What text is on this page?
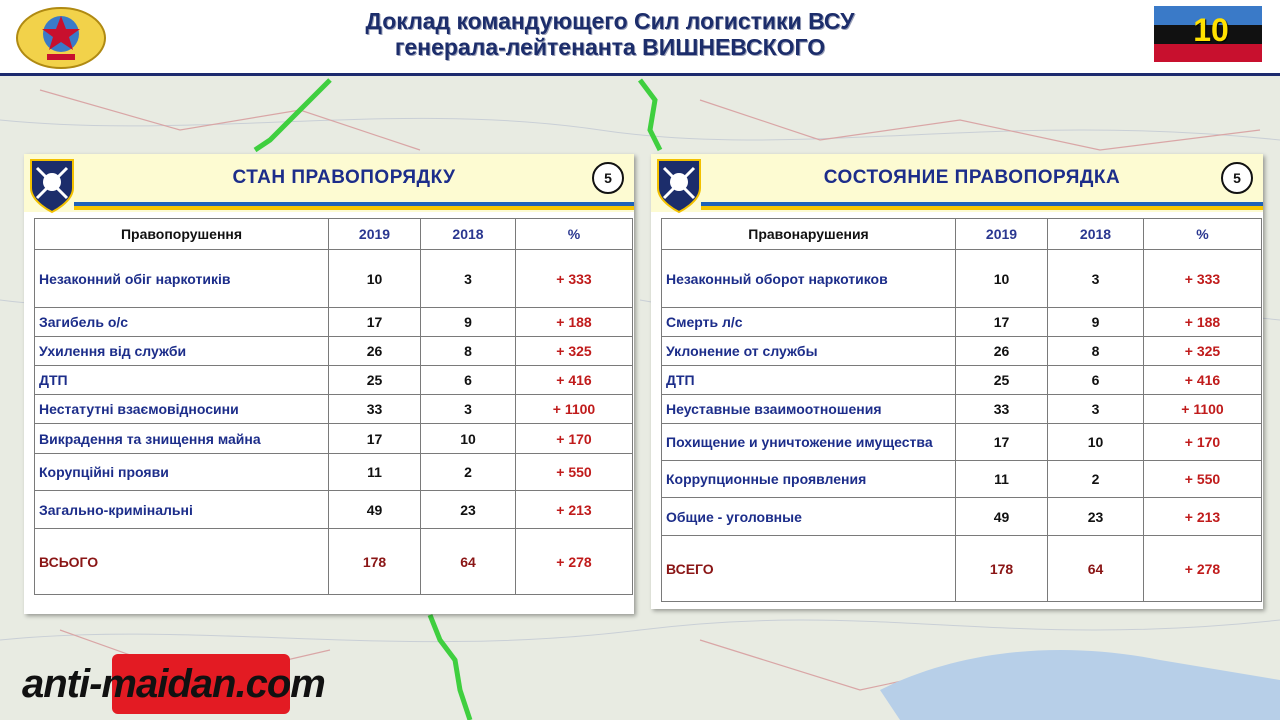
Доклад командующего Сил логистики ВСУ
генерала-лейтенанта ВИШНЕВСКОГО	10
СТАН ПРАВОПОРЯДКУ	5
Правопорушення	2019	2018	%
Незаконний обіг наркотиків	10	3	+ 333
Загибель о/с	17	9	+ 188
Ухилення від служби	26	8	+ 325
ДТП	25	6	+ 416
Нестатутні взаємовідносини	33	3	+ 1100
Викрадення та знищення майна	17	10	+ 170
Корупційні прояви	11	2	+ 550
Загально-кримінальні	49	23	+ 213
ВСЬОГО	178	64	+ 278
СОСТОЯНИЕ ПРАВОПОРЯДКА	5
Правонарушения	2019	2018	%
Незаконный оборот наркотиков	10	3	+ 333
Смерть л/с	17	9	+ 188
Уклонение от службы	26	8	+ 325
ДТП	25	6	+ 416
Неуставные взаимоотношения	33	3	+ 1100
Похищение и уничтожение имущества	17	10	+ 170
Коррупционные проявления	11	2	+ 550
Общие - уголовные	49	23	+ 213
ВСЕГО	178	64	+ 278
anti-maidan.com
